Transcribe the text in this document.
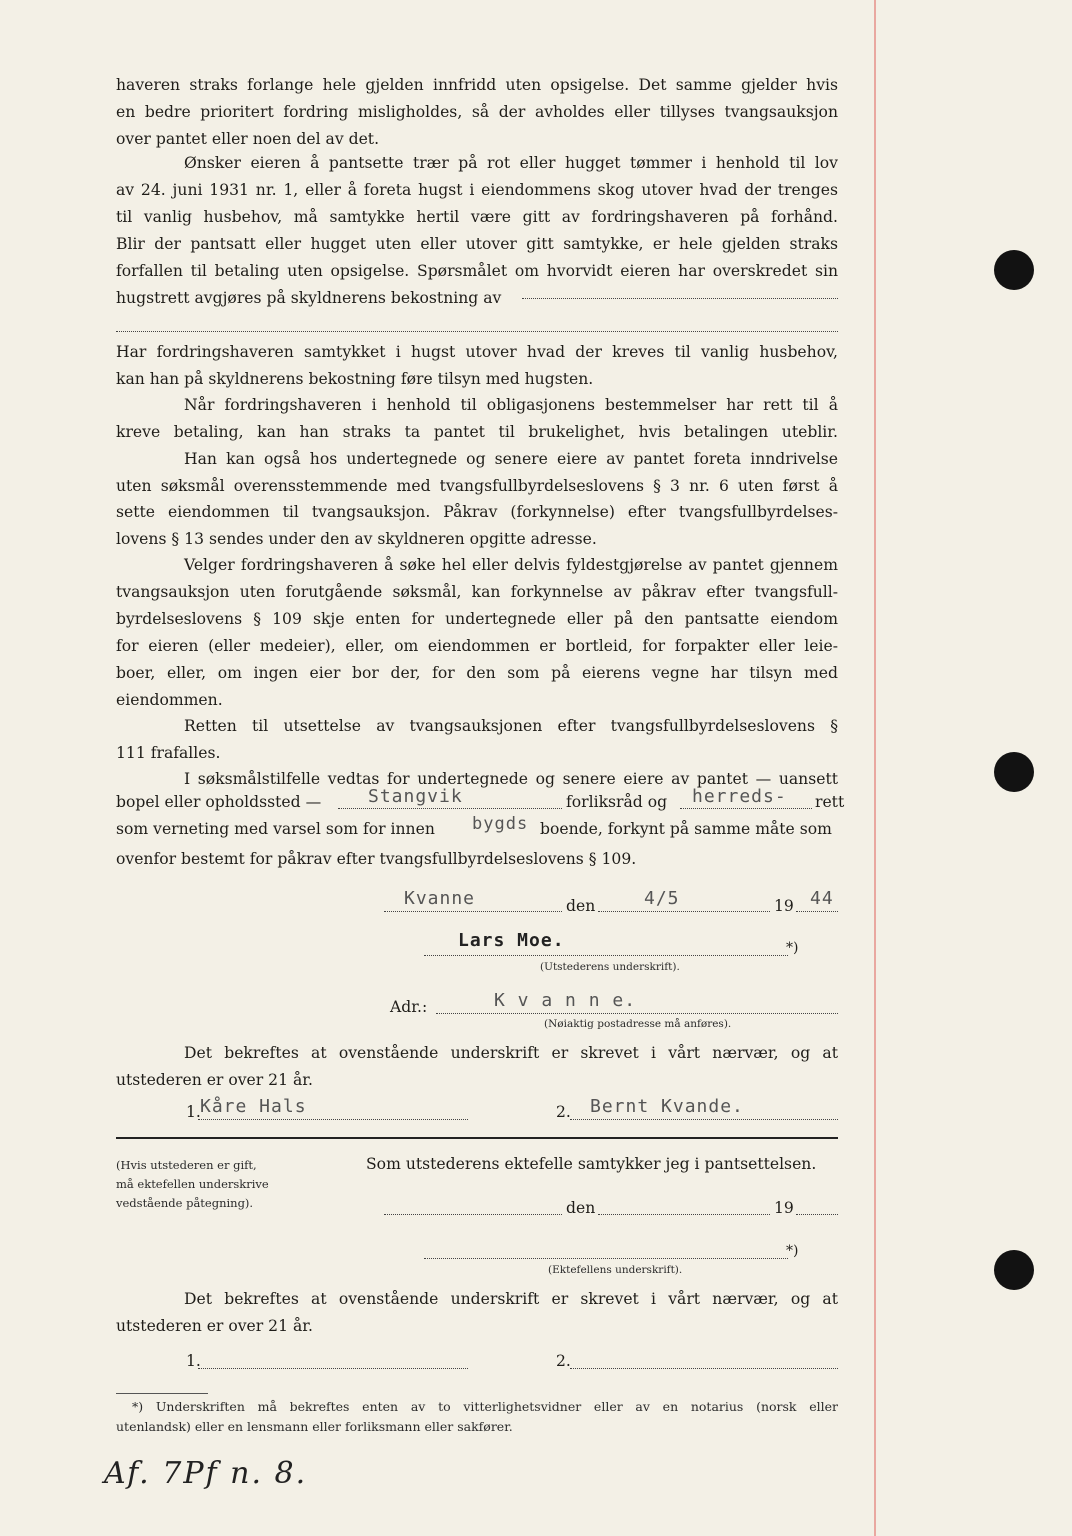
haveren straks forlange hele gjelden innfridd uten opsigelse. Det samme gjelder hvis
en bedre prioritert fordring misligholdes, så der avholdes eller tillyses tvangsauksjon
over pantet eller noen del av det.
Ønsker eieren å pantsette trær på rot eller hugget tømmer i henhold til lov
av 24. juni 1931 nr. 1, eller å foreta hugst i eiendommens skog utover hvad der trenges
til vanlig husbehov, må samtykke hertil være gitt av fordringshaveren på forhånd.
Blir der pantsatt eller hugget uten eller utover gitt samtykke, er hele gjelden straks
forfallen til betaling uten opsigelse. Spørsmålet om hvorvidt eieren har overskredet sin
hugstrett avgjøres på skyldnerens bekostning av
Har fordringshaveren samtykket i hugst utover hvad der kreves til vanlig husbehov,
kan han på skyldnerens bekostning føre tilsyn med hugsten.
Når fordringshaveren i henhold til obligasjonens bestemmelser har rett til å
kreve betaling, kan han straks ta pantet til brukelighet, hvis betalingen uteblir.
Han kan også hos undertegnede og senere eiere av pantet foreta inndrivelse
uten søksmål overensstemmende med tvangsfullbyrdelseslovens § 3 nr. 6 uten først å
sette eiendommen til tvangsauksjon. Påkrav (forkynnelse) efter tvangsfullbyrdelses-
lovens § 13 sendes under den av skyldneren opgitte adresse.
Velger fordringshaveren å søke hel eller delvis fyldestgjørelse av pantet gjennem
tvangsauksjon uten forutgående søksmål, kan forkynnelse av påkrav efter tvangsfull-
byrdelseslovens § 109 skje enten for undertegnede eller på den pantsatte eiendom
for eieren (eller medeier), eller, om eiendommen er bortleid, for forpakter eller leie-
boer, eller, om ingen eier bor der, for den som på eierens vegne har tilsyn med
eiendommen.
Retten til utsettelse av tvangsauksjonen efter tvangsfullbyrdelseslovens §
111 frafalles.
I søksmålstilfelle vedtas for undertegnede og senere eiere av pantet — uansett
bopel eller opholdssted —	Stangvik	forliksråd og herreds- rett
som verneting med varsel som for innen bygds boende, forkynt på samme måte som
ovenfor bestemt for påkrav efter tvangsfullbyrdelseslovens § 109.
Kvanne	den	4/5	19 44
Lars Moe.	*)
(Utstederens underskrift).
Adr.:	K v a n n e.
(Nøiaktig postadresse må anføres).
Det bekreftes at ovenstående underskrift er skrevet i vårt nærvær, og at
utstederen er over 21 år.
1. Kåre Hals	2. Bernt Kvande.
(Hvis utstederen er gift,
må ektefellen underskrive
vedstående påtegning).
Som utstederens ektefelle samtykker jeg i pantsettelsen.
den	19
*)
(Ektefellens underskrift).
Det bekreftes at ovenstående underskrift er skrevet i vårt nærvær, og at
utstederen er over 21 år.
1.	2.
*) Underskriften må bekreftes enten av to vitterlighetsvidner eller av en notarius (norsk eller
utenlandsk) eller en lensmann eller forliksmann eller sakfører.
Af. 7Pf n. 8.
